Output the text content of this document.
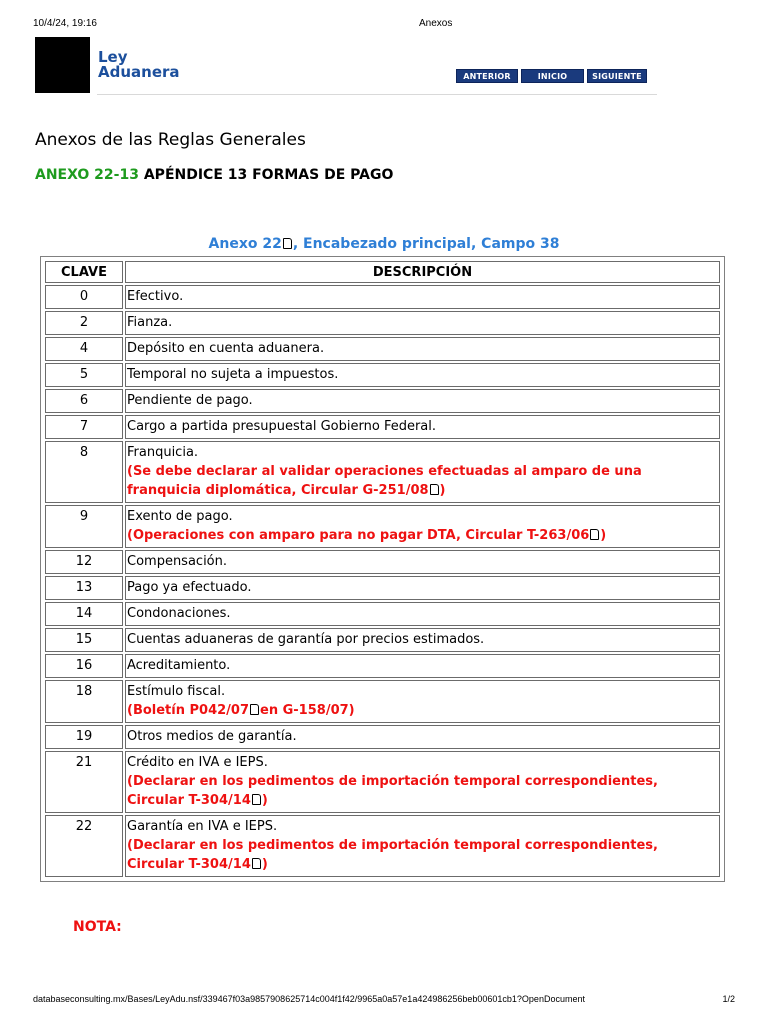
10/4/24, 19:16	Anexos
Ley
Aduanera	ANTERIOR	INICIO	SIGUIENTE
Anexos de las Reglas Generales
ANEXO 22-13 APÉNDICE 13 FORMAS DE PAGO
Anexo 22 , Encabezado principal, Campo 38
CLAVE	DESCRIPCIÓN
0	Efectivo.
2	Fianza.
4	Depósito en cuenta aduanera.
5	Temporal no sujeta a impuestos.
6	Pendiente de pago.
7	Cargo a partida presupuestal Gobierno Federal.
8	Franquicia.
(Se debe declarar al validar operaciones efectuadas al amparo de una franquicia diplomática, Circular G-251/08 )

9	Exento de pago.
(Operaciones con amparo para no pagar DTA, Circular T-263/06 )

12	Compensación.
13	Pago ya efectuado.
14	Condonaciones.
15	Cuentas aduaneras de garantía por precios estimados.
16	Acreditamiento.
18	Estímulo fiscal.
(Boletín P042/07 en G-158/07)

19	Otros medios de garantía.
21	Crédito en IVA e IEPS.
(Declarar en los pedimentos de importación temporal correspondientes, Circular T-304/14 )

22	Garantía en IVA e IEPS.
(Declarar en los pedimentos de importación temporal correspondientes, Circular T-304/14 )
NOTA:
databaseconsulting.mx/Bases/LeyAdu.nsf/339467f03a9857908625714c004f1f42/9965a0a57e1a424986256beb00601cb1?OpenDocument	1/2
